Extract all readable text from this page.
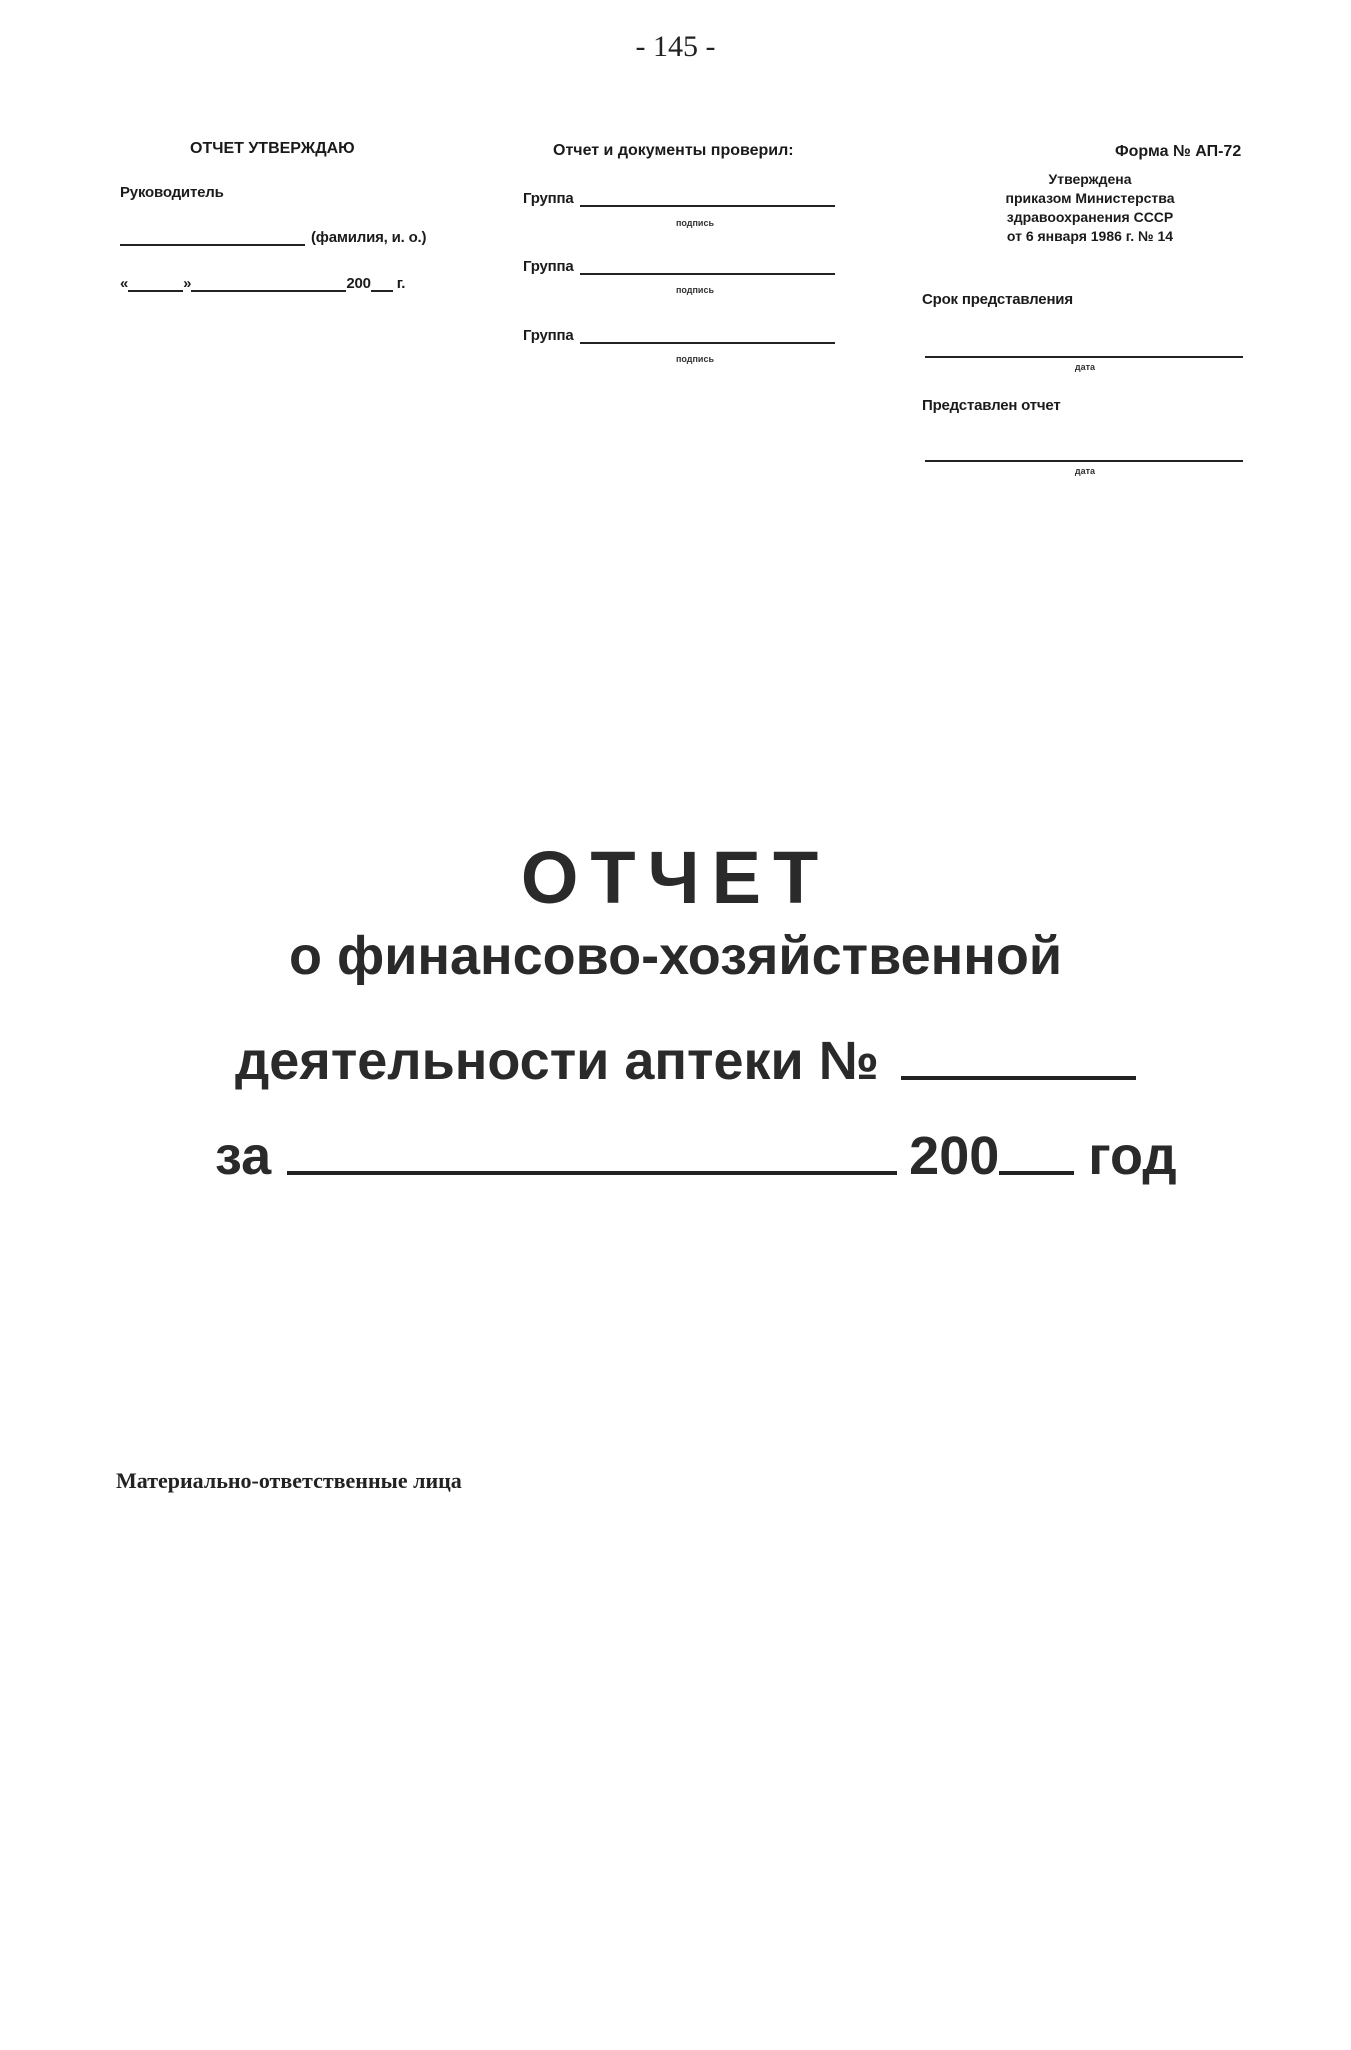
- 145 -
ОТЧЕТ УТВЕРЖДАЮ
Руководитель
(фамилия, и. о.)
«	»	200 г.
Отчет и документы проверил:
Группа
подпись
Группа
подпись
Группа
подпись
Форма № АП-72
Утверждена
приказом Министерства
здравоохранения СССР
от 6 января 1986 г. № 14
Срок представления
дата
Представлен отчет
дата
ОТЧЕТ
о финансово-хозяйственной
деятельности аптеки №
за	200 год
Материально-ответственные лица
